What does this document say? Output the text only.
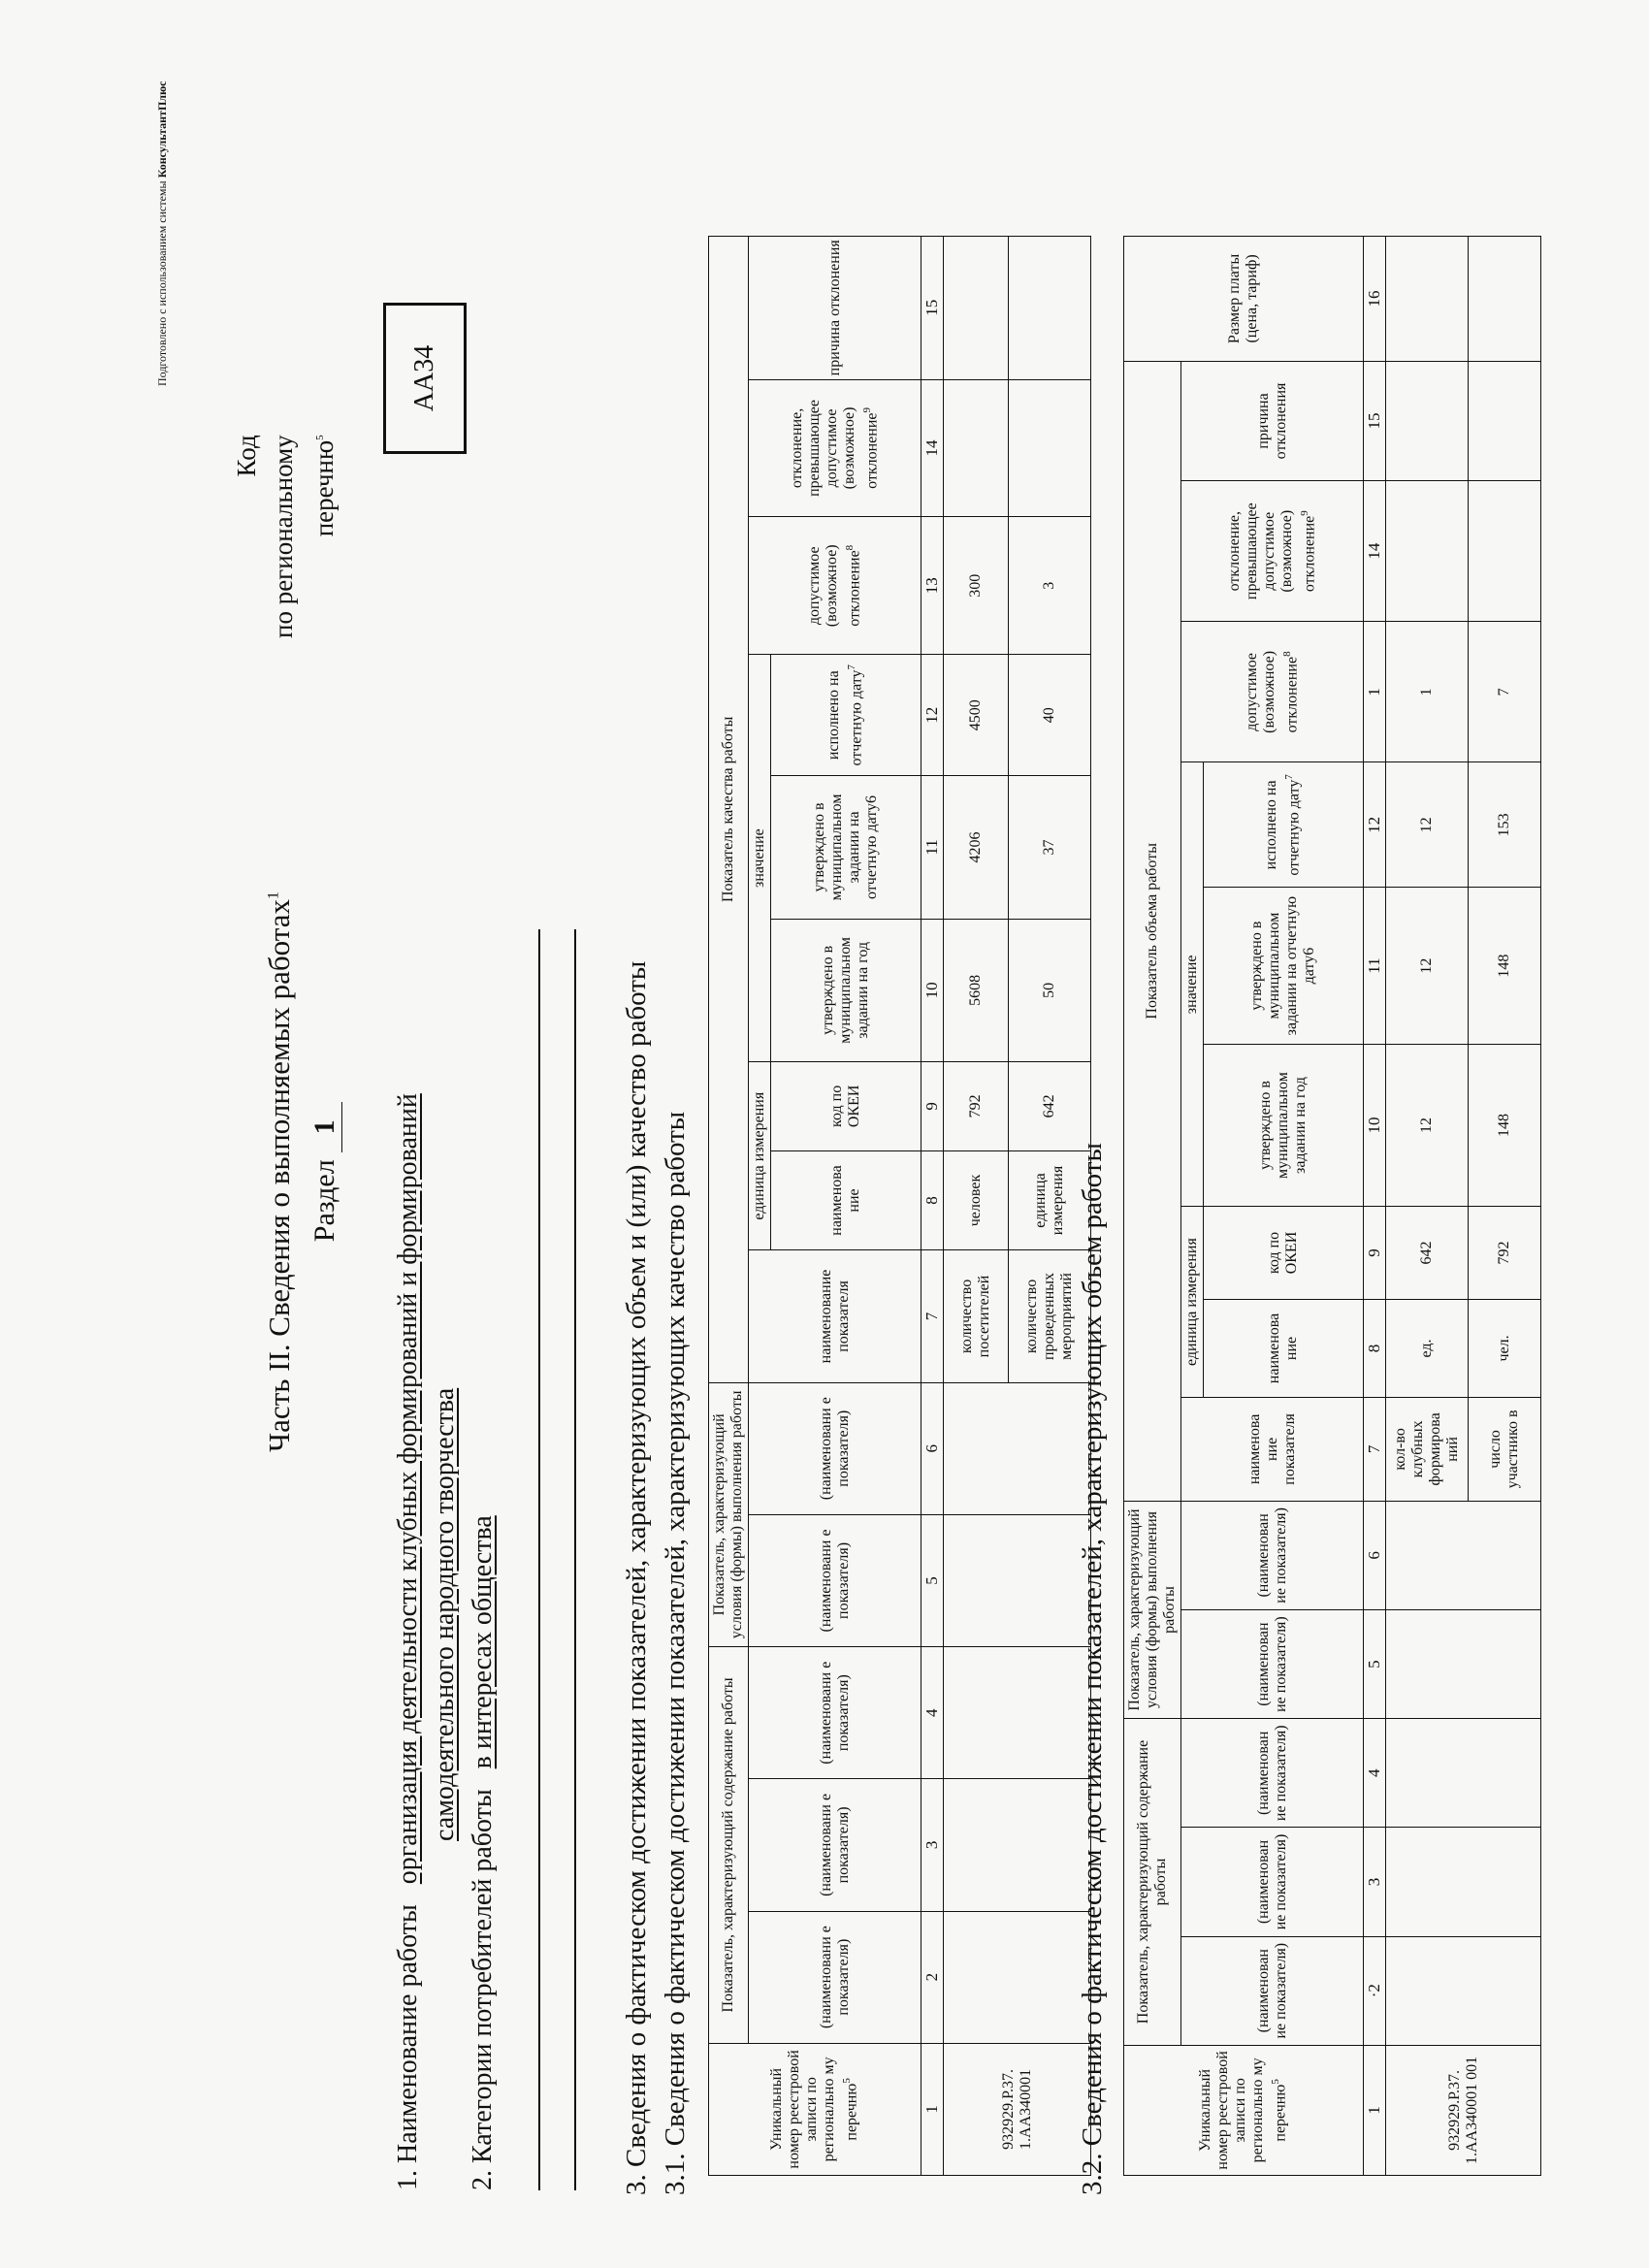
Подготовлено с использованием системы КонсультантПлюс
Часть II. Сведения о выполняемых работах$^1$
Раздел 1
Код по региональному перечню$^5$
АА34
1. Наименование работы   организация деятельности клубных формирований и формирований самодеятельного народного творчества
2. Категории потребителей работы   в интересах общества	3. Сведения о фактическом достижении показателей, характеризующих объем и (или) качество работы 3.1. Сведения о фактическом достижении показателей, характеризующих качество работы	Уникальный номер реестровой записи по регионально му перечню$^5$	Показатель, характеризующий содержание работы			Показатель, характеризующий условия (формы) выполнения работы		Показатель качества работы								
	(наименовани е показателя)	(наименовани е показателя)	(наименовани е показателя)	(наименовани е показателя)	(наименовани е показателя)	наименование показателя	единица измерения		значение			допустимое (возможное) отклонение$^8$	отклонение, превышающее допустимое (возможное) отклонение$^9$	причина отклонения
							наименова ние	код по ОКЕИ	утверждено в муниципальном задании на год	утверждено в муниципальном задании на отчетную дату6	исполнено на отчетную дату$^7$
1	2	3	4	5	6	7	8	9	10	11	12	13	14	15
932929.Р.37. 1.АА340001						количество посетителей	человек	792	5608	4206	4500	300		
						количество проведенных мероприятий	единица измерения	642	50	37	40	3		
3.2. Сведения о фактическом достижении показателей, характеризующих объем работы	Уникальный номер реестровой записи по регионально му перечню$^5$	Показатель, характеризующий содержание работы			Показатель, характеризующий условия (формы) выполнения работы		Показатель объема работы									Размер платы (цена, тариф)
	(наименован ие показателя)	(наименован ие показателя)	(наименован ие показателя)	(наименован ие показателя)	(наименован ие показателя)	наименова ние показателя	единица измерения		значение			допустимое (возможное) отклонение$^8$	отклонение, превышающее допустимое (возможное) отклонение$^9$	причина отклонения	
							наименова ние	код по ОКЕИ	утверждено в муниципальном задании на год	утверждено в муниципальном задании на отчетную дату6	исполнено на отчетную дату$^7$
1	·2	3	4	5	6	7	8	9	10	11	12	1	14	15	16
932929.Р.37. 1.АА340001 001						кол-во клубных формирова ний	ед.	642	12	12	12	1			
						число участнико в	чел.	792	148	148	153	7			
